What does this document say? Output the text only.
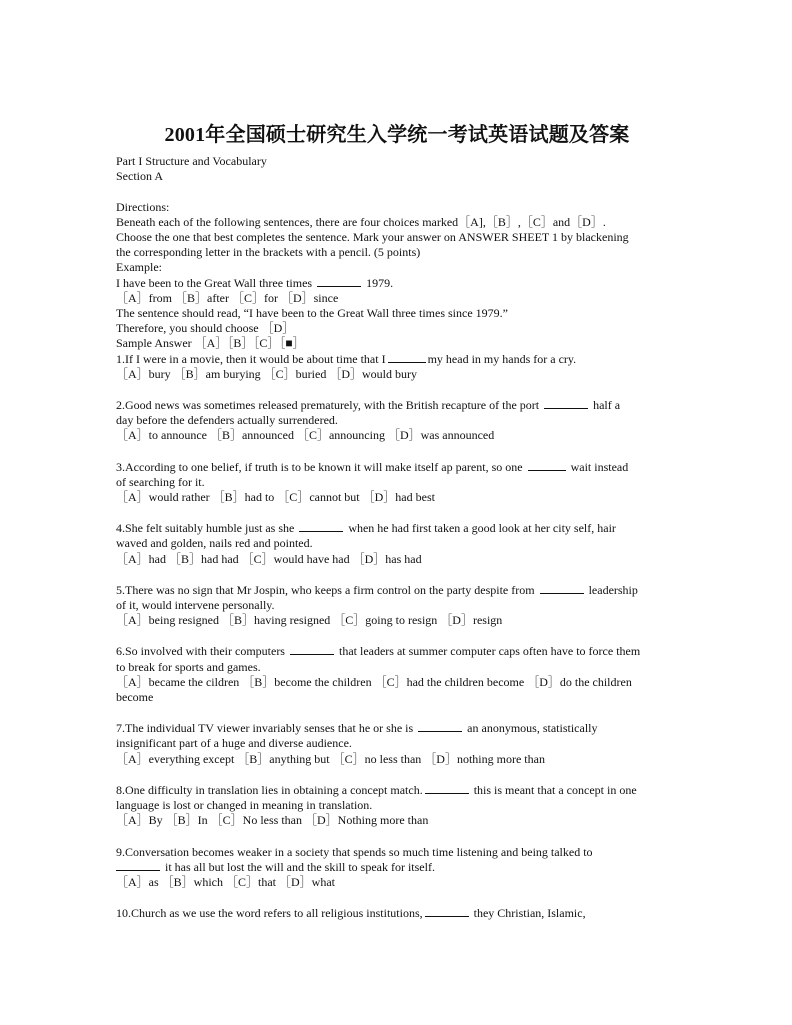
2001年全国硕士研究生入学统一考试英语试题及答案
Part I Structure and Vocabulary
Section A
Directions:
Beneath each of the following sentences, there are four choices marked［A],［B］,［C］and［D］.
Choose the one that best completes the sentence. Mark your answer on ANSWER SHEET 1 by blackening
the corresponding letter in the brackets with a pencil. (5 points)
Example:
I have been to the Great Wall three times	1979.
［A］from ［B］after ［C］for ［D］since
The sentence should read, “I have been to the Great Wall three times since 1979.”
Therefore, you should choose ［D］
Sample Answer ［A］［B］［C］［■］
1.If I were in a movie, then it would be about time that I	my head in my hands for a cry.
［A］bury ［B］am burying ［C］buried ［D］would bury
2.Good news was sometimes released prematurely, with the British recapture of the port	half a
day before the defenders actually surrendered.
［A］to announce ［B］announced ［C］announcing ［D］was announced
3.According to one belief, if truth is to be known it will make itself ap parent, so one	wait instead
of searching for it.
［A］would rather ［B］had to ［C］cannot but ［D］had best
4.She felt suitably humble just as she	when he had first taken a good look at her city self, hair
waved and golden, nails red and pointed.
［A］had ［B］had had ［C］would have had ［D］has had
5.There was no sign that Mr Jospin, who keeps a firm control on the party despite from	leadership
of it, would intervene personally.
［A］being resigned ［B］having resigned ［C］going to resign ［D］resign
6.So involved with their computers	that leaders at summer computer caps often have to force them
to break for sports and games.
［A］became the cildren ［B］become the children ［C］had the children become ［D］do the children
become
7.The individual TV viewer invariably senses that he or she is	an anonymous, statistically
insignificant part of a huge and diverse audience.
［A］everything except ［B］anything but ［C］no less than ［D］nothing more than
8.One difficulty in translation lies in obtaining a concept match.	this is meant that a concept in one
language is lost or changed in meaning in translation.
［A］By ［B］In ［C］No less than ［D］Nothing more than
9.Conversation becomes weaker in a society that spends so much time listening and being talked to
it has all but lost the will and the skill to speak for itself.
［A］as ［B］which ［C］that ［D］what
10.Church as we use the word refers to all religious institutions,	they Christian, Islamic,
